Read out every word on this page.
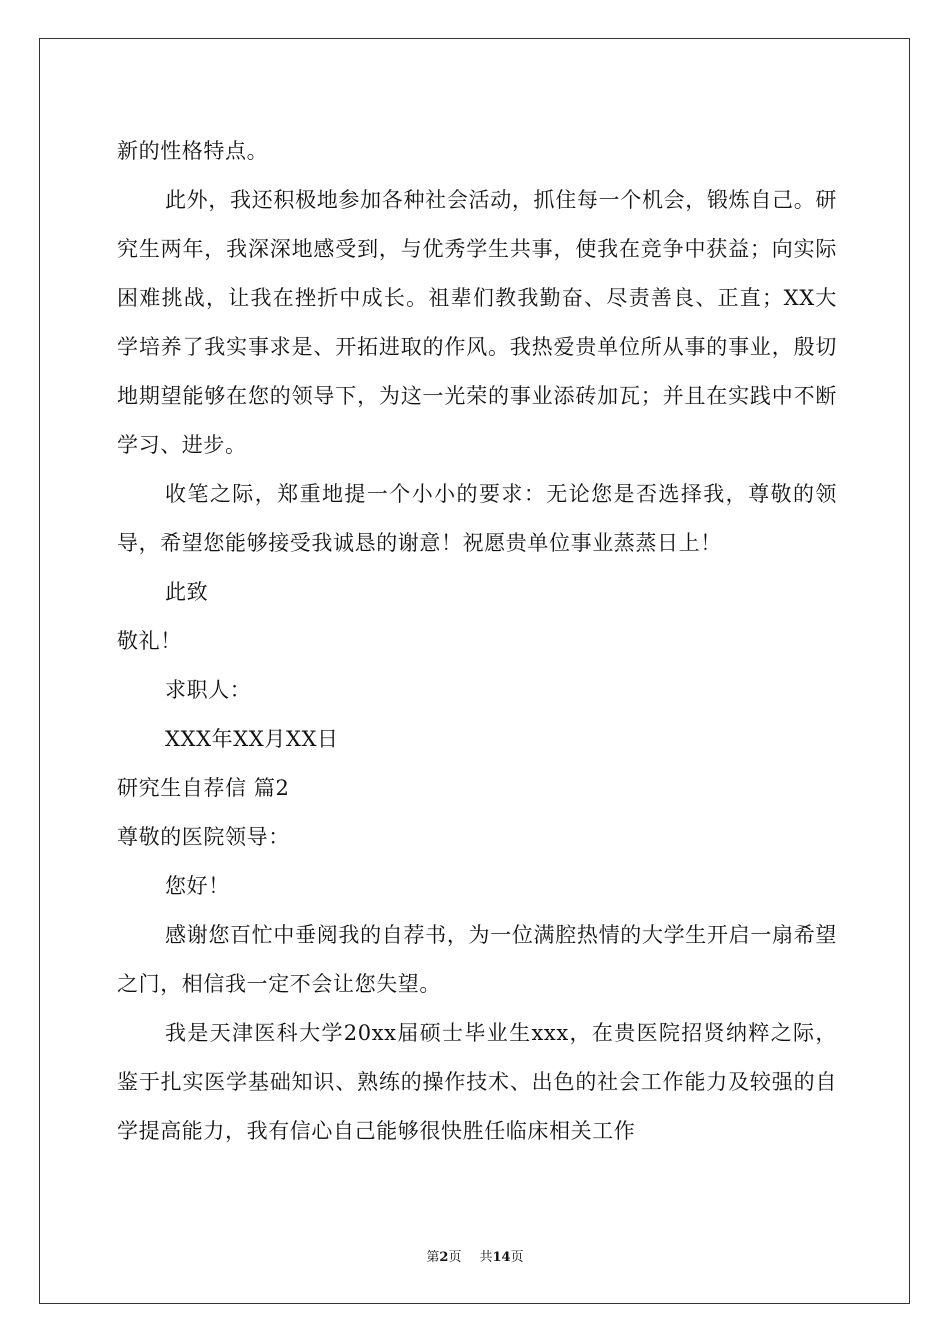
新的性格特点。

此外，我还积极地参加各种社会活动，抓住每一个机会，锻炼自己。研究生两年，我深深地感受到，与优秀学生共事，使我在竞争中获益；向实际困难挑战，让我在挫折中成长。祖辈们教我勤奋、尽责善良、正直；XX大学培养了我实事求是、开拓进取的作风。我热爱贵单位所从事的事业，殷切地期望能够在您的领导下，为这一光荣的事业添砖加瓦；并且在实践中不断学习、进步。

收笔之际，郑重地提一个小小的要求：无论您是否选择我，尊敬的领导，希望您能够接受我诚恳的谢意！祝愿贵单位事业蒸蒸日上！

此致

敬礼！

求职人：

XXX年XX月XX日

研究生自荐信 篇2

尊敬的医院领导：

您好！

感谢您百忙中垂阅我的自荐书，为一位满腔热情的大学生开启一扇希望之门，相信我一定不会让您失望。

我是天津医科大学20xx届硕士毕业生xxx，在贵医院招贤纳粹之际，鉴于扎实医学基础知识、熟练的操作技术、出色的社会工作能力及较强的自学提高能力，我有信心自己能够很快胜任临床相关工作

第2页 共14页
